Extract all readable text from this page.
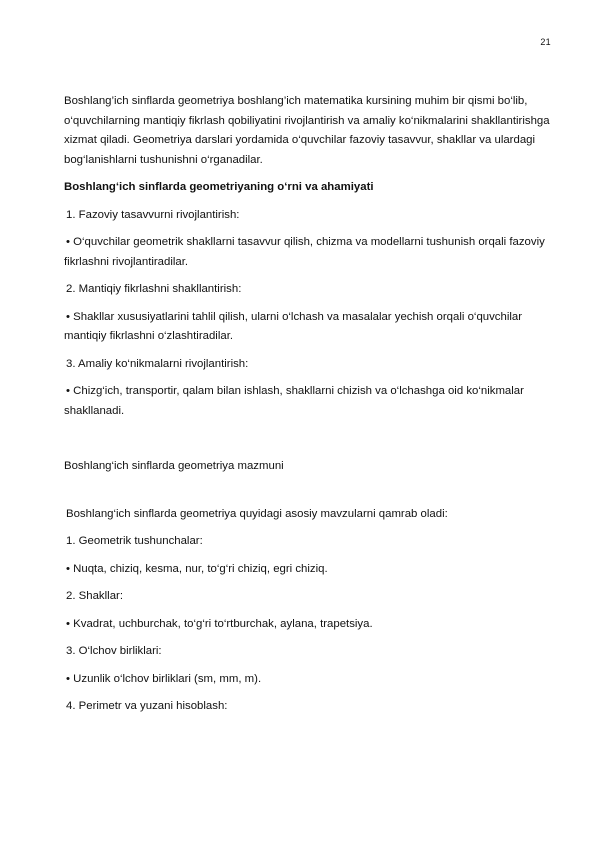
21

Boshlang’ich sinflarda geometriya boshlang’ich matematika kursining muhim bir qismi bo‘lib, o‘quvchilarning mantiqiy fikrlash qobiliyatini rivojlantirish va amaliy ko‘nikmalarini shakllantirishga xizmat qiladi. Geometriya darslari yordamida o‘quvchilar fazoviy tasavvur, shakllar va ulardagi bog‘lanishlarni tushunishni o‘rganadilar.

Boshlang‘ich sinflarda geometriyaning o‘rni va ahamiyati

1. Fazoviy tasavvurni rivojlantirish:

• O‘quvchilar geometrik shakllarni tasavvur qilish, chizma va modellarni tushunish orqali fazoviy fikrlashni rivojlantiradilar.

2. Mantiqiy fikrlashni shakllantirish:

• Shakllar xususiyatlarini tahlil qilish, ularni o‘lchash va masalalar yechish orqali o‘quvchilar mantiqiy fikrlashni o‘zlashtiradilar.

3. Amaliy ko‘nikmalarni rivojlantirish:

• Chizg‘ich, transportir, qalam bilan ishlash, shakllarni chizish va o‘lchashga oid ko‘nikmalar shakllanadi.

Boshlang‘ich sinflarda geometriya mazmuni

Boshlang‘ich sinflarda geometriya quyidagi asosiy mavzularni qamrab oladi:

1. Geometrik tushunchalar:

• Nuqta, chiziq, kesma, nur, to‘g‘ri chiziq, egri chiziq.

2. Shakllar:

• Kvadrat, uchburchak, to‘g‘ri to‘rtburchak, aylana, trapetsiya.

3. O‘lchov birliklari:

• Uzunlik o‘lchov birliklari (sm, mm, m).

4. Perimetr va yuzani hisoblash:
